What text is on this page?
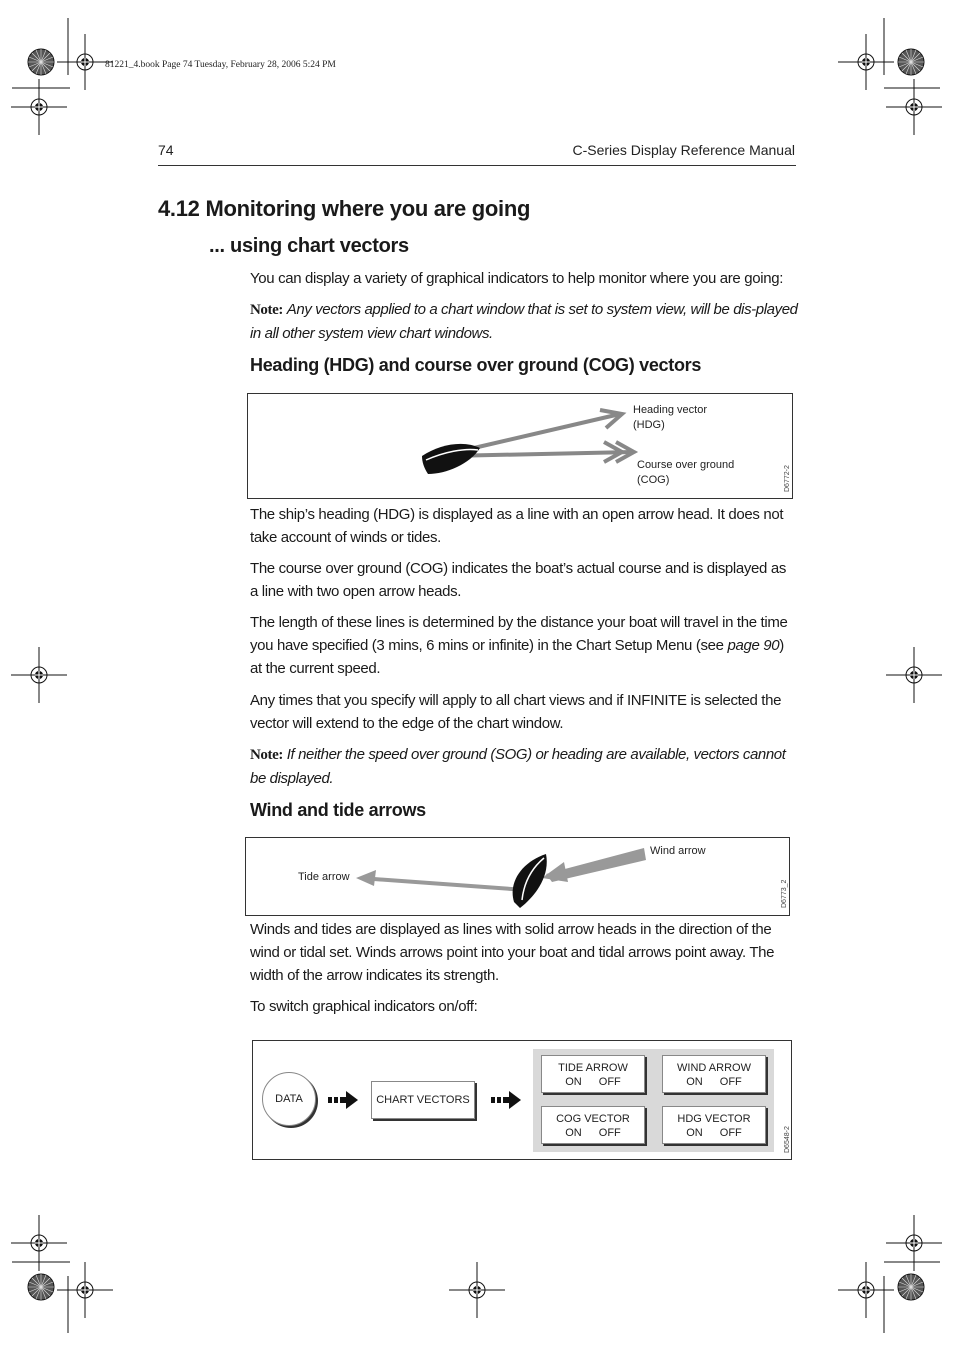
81221_4.book Page 74 Tuesday, February 28, 2006 5:24 PM
74	C-Series Display Reference Manual
4.12 Monitoring where you are going
... using chart vectors

You can display a variety of graphical indicators to help monitor where you are going:

Note: Any vectors applied to a chart window that is set to system view, will be dis-played in all other system view chart windows.

Heading (HDG) and course over ground (COG) vectors
Heading vector
(HDG)
Course over ground
(COG)	D6772-2

The ship’s heading (HDG) is displayed as a line with an open arrow head. It does not take account of winds or tides.

The course over ground (COG) indicates the boat’s actual course and is displayed as a line with two open arrow heads.

The length of these lines is determined by the distance your boat will travel in the time you have specified (3 mins, 6 mins or infinite) in the Chart Setup Menu (see page 90) at the current speed.

Any times that you specify will apply to all chart views and if INFINITE is selected the vector will extend to the edge of the chart window.

Note: If neither the speed over ground (SOG) or heading are available, vectors cannot be displayed.

Wind and tide arrows
Wind arrow
Tide arrow
D6773_2

Winds and tides are displayed as lines with solid arrow heads in the direction of the wind or tidal set. Winds arrows point into your boat and tidal arrows point away. The width of the arrow indicates its strength.

To switch graphical indicators on/off:

DATA	CHART VECTORS
TIDE ARROW
ON OFF
WIND ARROW
ON OFF
COG VECTOR
ON OFF
HDG VECTOR
ON OFF	D6548-2
